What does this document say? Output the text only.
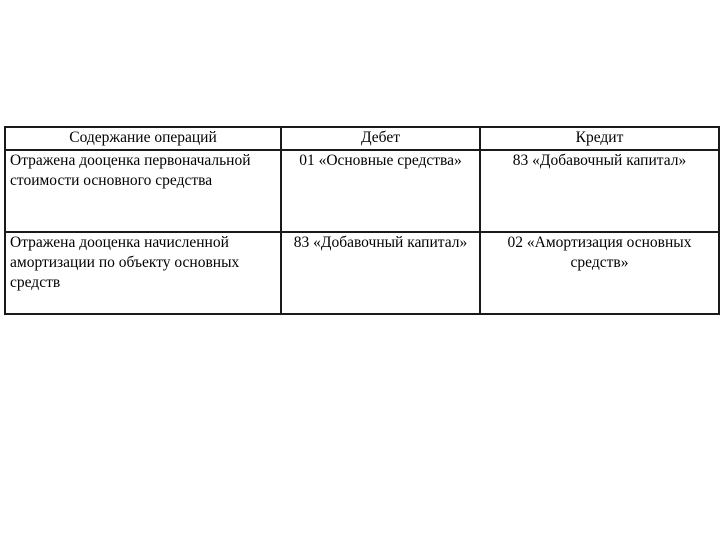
Содержание операций	Дебет	Кредит
Отражена дооценка первоначальной стоимости основного средства	01 «Основные средства»	83 «Добавочный капитал»
Отражена дооценка начисленной амортизации по объекту основных средств	83 «Добавочный капитал»	02 «Амортизация основных средств»
